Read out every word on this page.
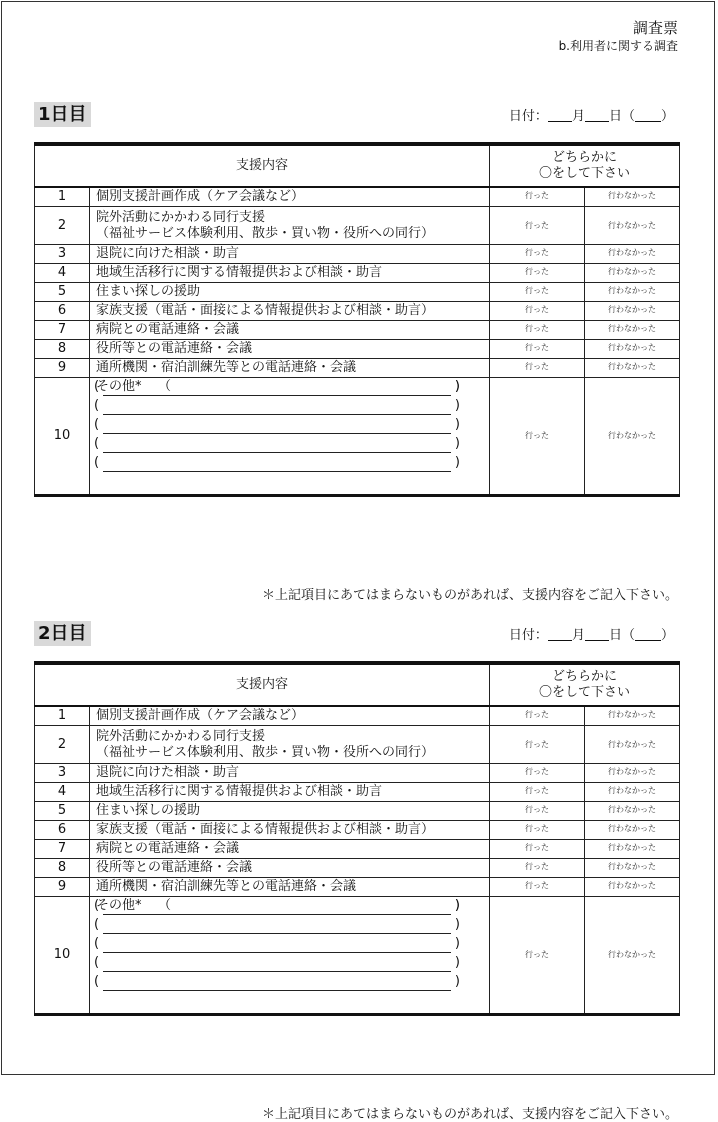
調査票
b.利用者に関する調査
1日目	日付： 月 日（ ）
支援内容		どちらかに
〇をして下さい	

1	個別支援計画作成（ケア会議など）	行った	行わなかった
2	院外活動にかかわる同行支援
（福祉サービス体験利用、散歩・買い物・役所への同行）	行った	行わなかった
3	退院に向けた相談・助言	行った	行わなかった
4	地域生活移行に関する情報提供および相談・助言	行った	行わなかった
5	住まい探しの援助	行った	行わなかった
6	家族支援（電話・面接による情報提供および相談・助言）	行った	行わなかった
7	病院との電話連絡・会議	行った	行わなかった
8	役所等との電話連絡・会議	行った	行わなかった
9	通所機関・宿泊訓練先等との電話連絡・会議	行った	行わなかった
10	（
)
その他*
(
)
(
)
(
)
(
)
(
)	行った	行わなかった
＊上記項目にあてはまらないものがあれば、支援内容をご記入下さい。
2日目	日付： 月 日（ ）
支援内容		どちらかに
〇をして下さい	

1	個別支援計画作成（ケア会議など）	行った	行わなかった
2	院外活動にかかわる同行支援
（福祉サービス体験利用、散歩・買い物・役所への同行）	行った	行わなかった
3	退院に向けた相談・助言	行った	行わなかった
4	地域生活移行に関する情報提供および相談・助言	行った	行わなかった
5	住まい探しの援助	行った	行わなかった
6	家族支援（電話・面接による情報提供および相談・助言）	行った	行わなかった
7	病院との電話連絡・会議	行った	行わなかった
8	役所等との電話連絡・会議	行った	行わなかった
9	通所機関・宿泊訓練先等との電話連絡・会議	行った	行わなかった
10	（
)
その他*
(
)
(
)
(
)
(
)
(
)	行った	行わなかった
＊上記項目にあてはまらないものがあれば、支援内容をご記入下さい。
